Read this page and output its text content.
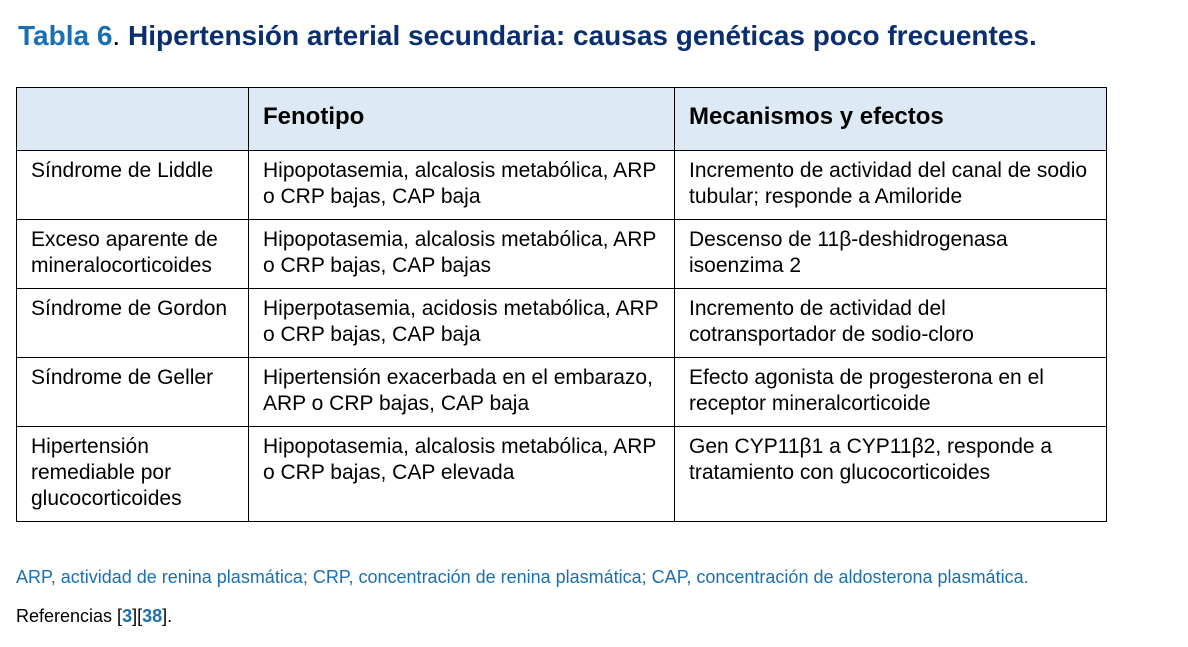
Tabla 6. Hipertensión arterial secundaria: causas genéticas poco frecuentes.
	Fenotipo	Mecanismos y efectos
Síndrome de Liddle	Hipopotasemia, alcalosis metabólica, ARP o CRP bajas, CAP baja	Incremento de actividad del canal de sodio tubular; responde a Amiloride
Exceso aparente de mineralocorticoides	Hipopotasemia, alcalosis metabólica, ARP o CRP bajas, CAP bajas	Descenso de 11β-deshidrogenasa isoenzima 2
Síndrome de Gordon	Hiperpotasemia, acidosis metabólica, ARP o CRP bajas, CAP baja	Incremento de actividad del cotransportador de sodio-cloro
Síndrome de Geller	Hipertensión exacerbada en el embarazo, ARP o CRP bajas, CAP baja	Efecto agonista de progesterona en el receptor mineralcorticoide
Hipertensión remediable por glucocorticoides	Hipopotasemia, alcalosis metabólica, ARP o CRP bajas, CAP elevada	Gen CYP11β1 a CYP11β2, responde a tratamiento con glucocorticoides
ARP, actividad de renina plasmática; CRP, concentración de renina plasmática; CAP, concentración de aldosterona plasmática.
Referencias [3][38].
